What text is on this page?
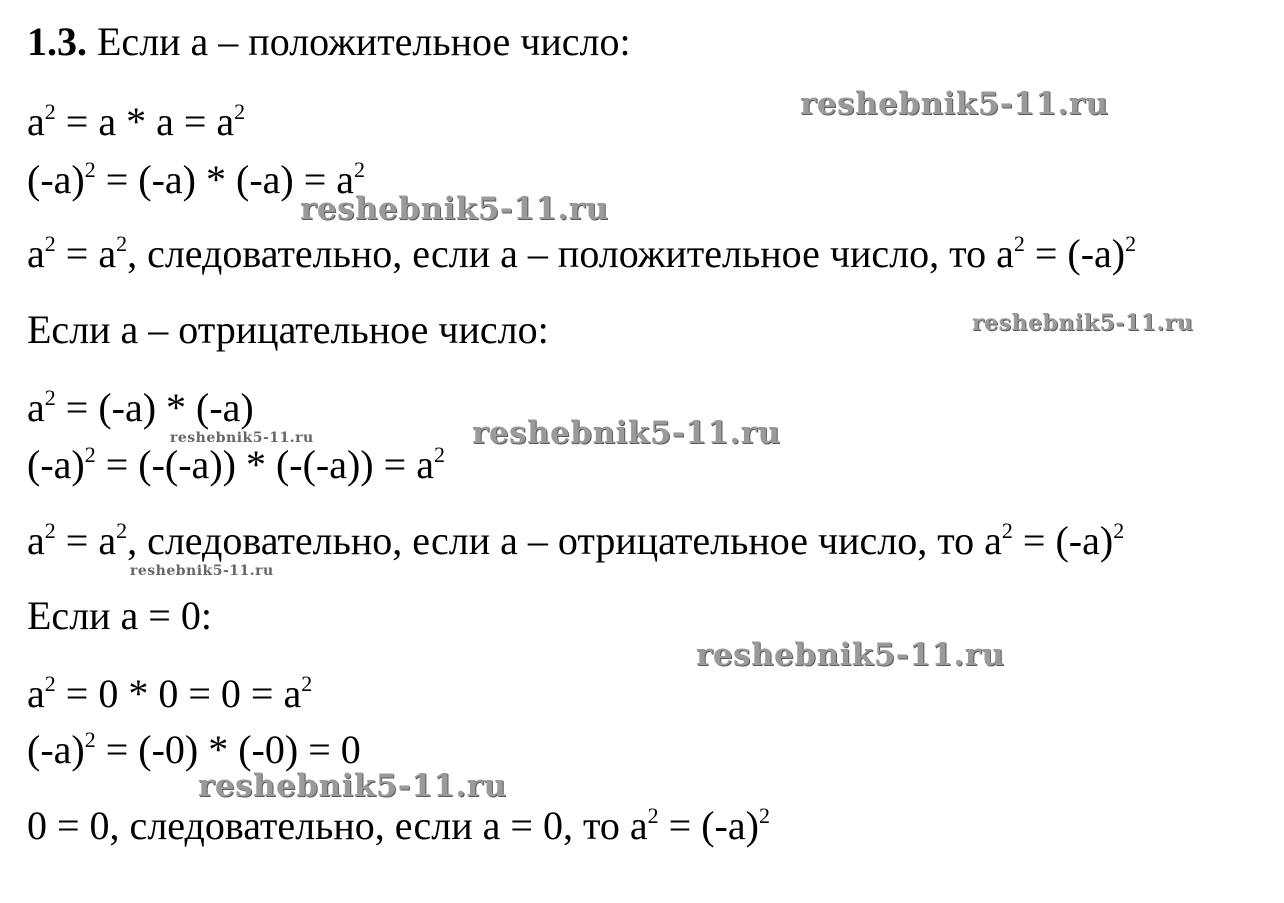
1.3. Если a – положительное число:
$a^2 = a * a = a^2$
$(-a)^2 = (-a) * (-a) = a^2$
$a^2 = a^2$, следовательно, если a – положительное число, то $a^2 = (-a)^2$
Если a – отрицательное число:
$a^2 = (-a) * (-a)$
$(-a)^2 = (-(-a)) * (-(-a)) = a^2$
$a^2 = a^2$, следовательно, если a – отрицательное число, то $a^2 = (-a)^2$
Если a = 0:
$a^2 = 0 * 0 = 0 = a^2$
$(-a)^2 = (-0) * (-0) = 0$
0 = 0, следовательно, если a = 0, то $a^2 = (-a)^2$
reshebnik5-11.ru
reshebnik5-11.ru
reshebnik5-11.ru
reshebnik5-11.ru	reshebnik5-11.ru
reshebnik5-11.ru
reshebnik5-11.ru
reshebnik5-11.ru
